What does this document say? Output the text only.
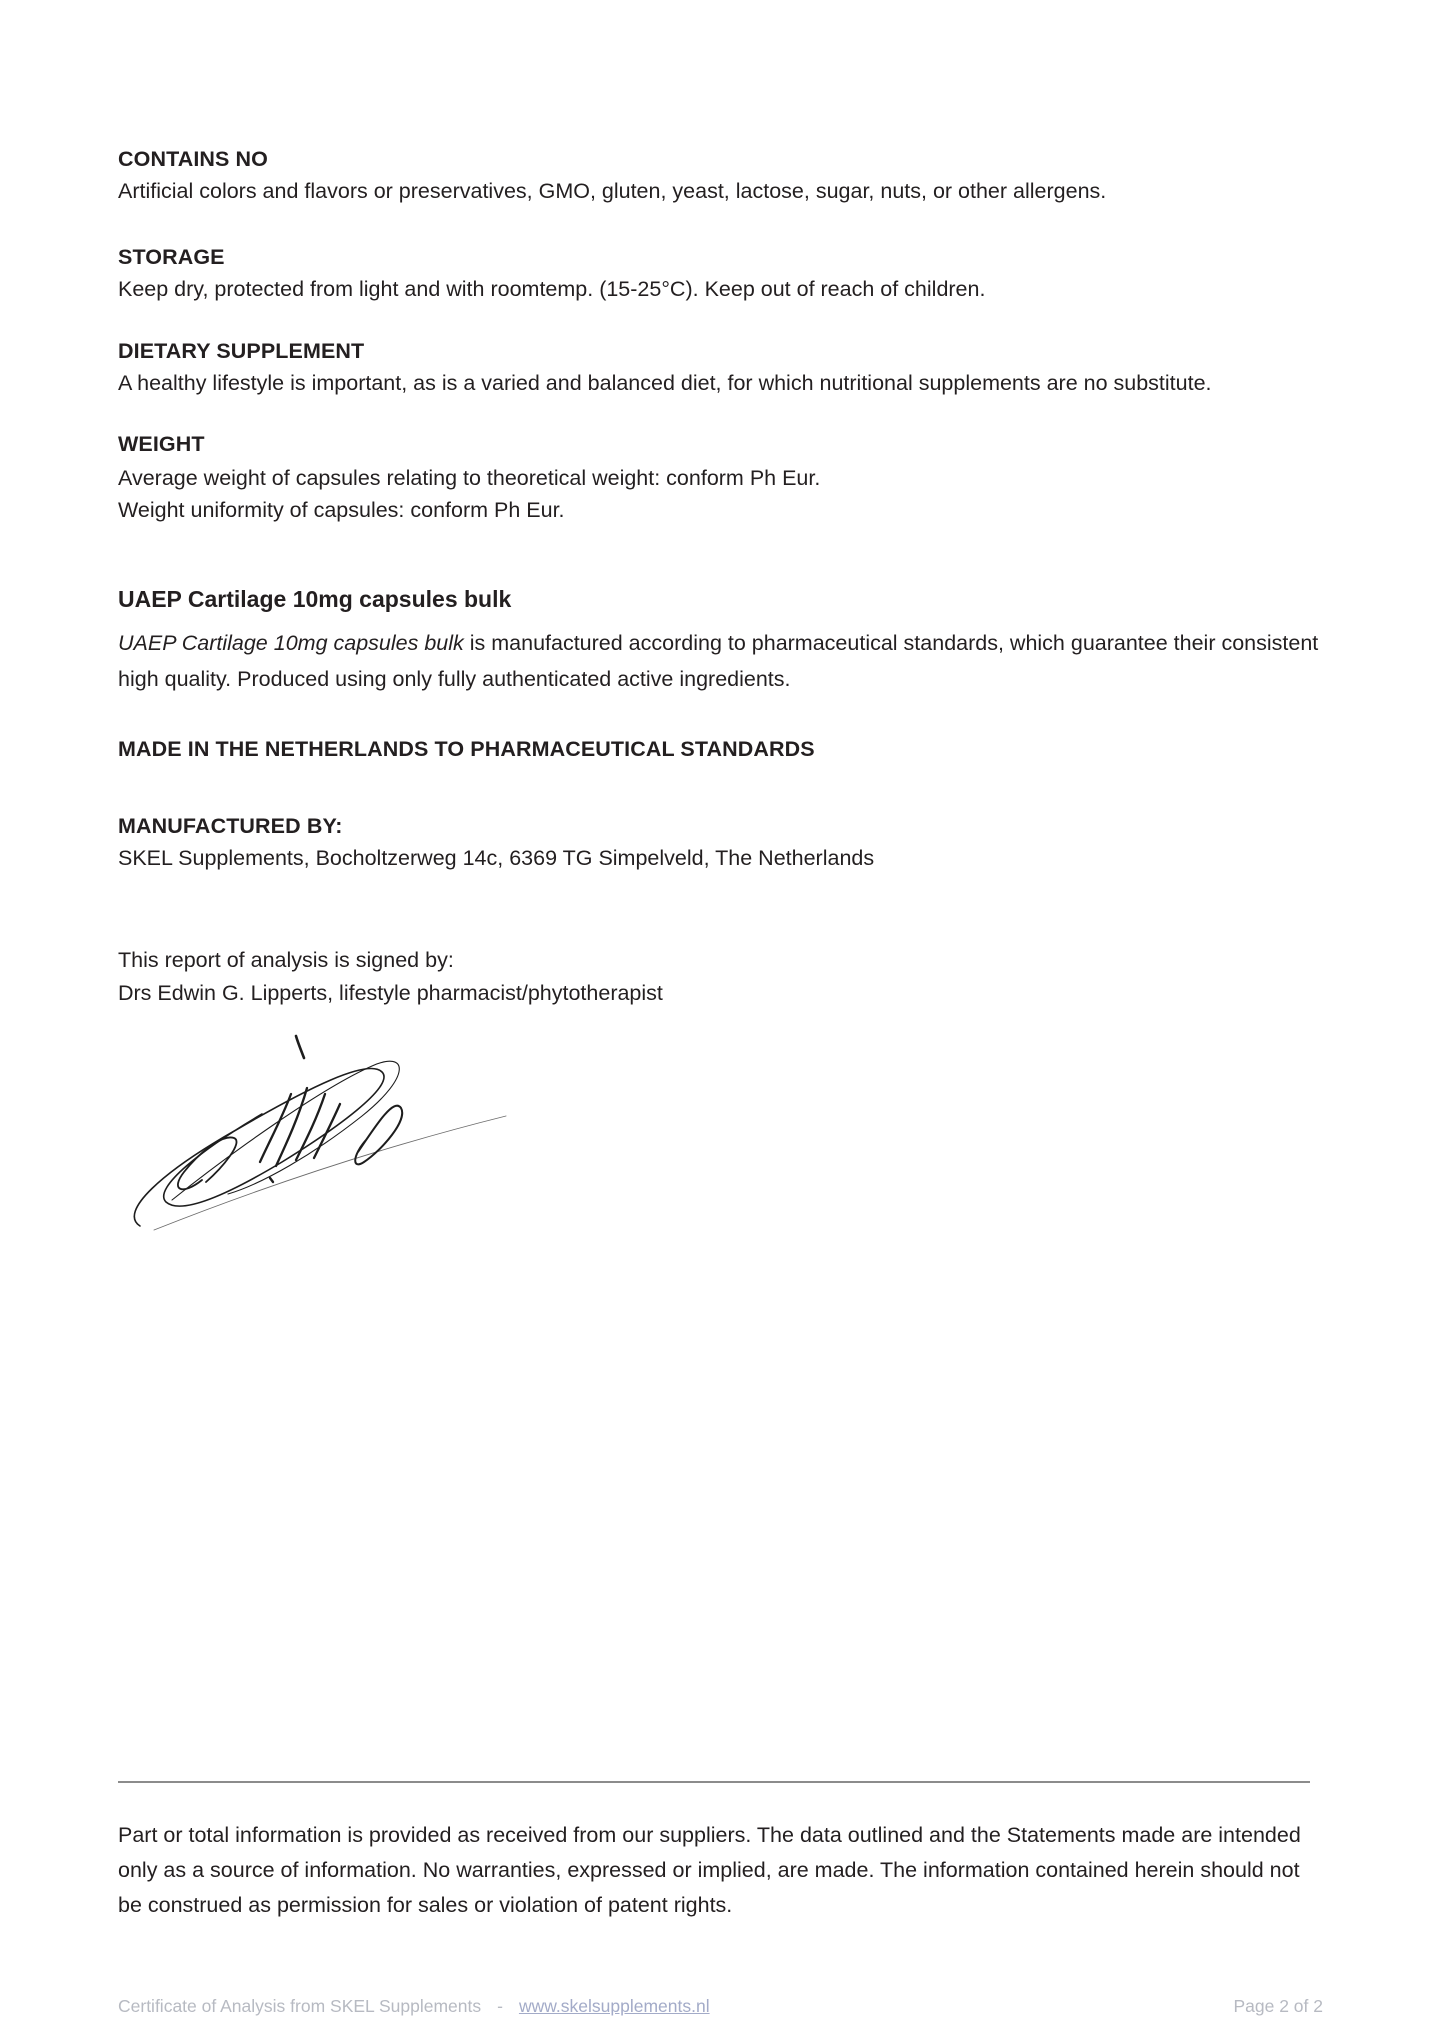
CONTAINS NO
Artificial colors and flavors or preservatives, GMO, gluten, yeast, lactose, sugar, nuts, or other allergens.
STORAGE
Keep dry, protected from light and with roomtemp. (15-25°C). Keep out of reach of children.
DIETARY SUPPLEMENT
A healthy lifestyle is important, as is a varied and balanced diet, for which nutritional supplements are no substitute.
WEIGHT
Average weight of capsules relating to theoretical weight: conform Ph Eur.
Weight uniformity of capsules: conform Ph Eur.
UAEP Cartilage 10mg capsules bulk
UAEP Cartilage 10mg capsules bulk is manufactured according to pharmaceutical standards, which guarantee their consistent
high quality. Produced using only fully authenticated active ingredients.
MADE IN THE NETHERLANDS TO PHARMACEUTICAL STANDARDS
MANUFACTURED BY:
SKEL Supplements, Bocholtzerweg 14c, 6369 TG Simpelveld, The Netherlands
This report of analysis is signed by:
Drs Edwin G. Lipperts, lifestyle pharmacist/phytotherapist
Part or total information is provided as received from our suppliers. The data outlined and the Statements made are intended
only as a source of information. No warranties, expressed or implied, are made. The information contained herein should not
be construed as permission for sales or violation of patent rights.
Certificate of Analysis from SKEL Supplements - www.skelsupplements.nl	Page 2 of 2
